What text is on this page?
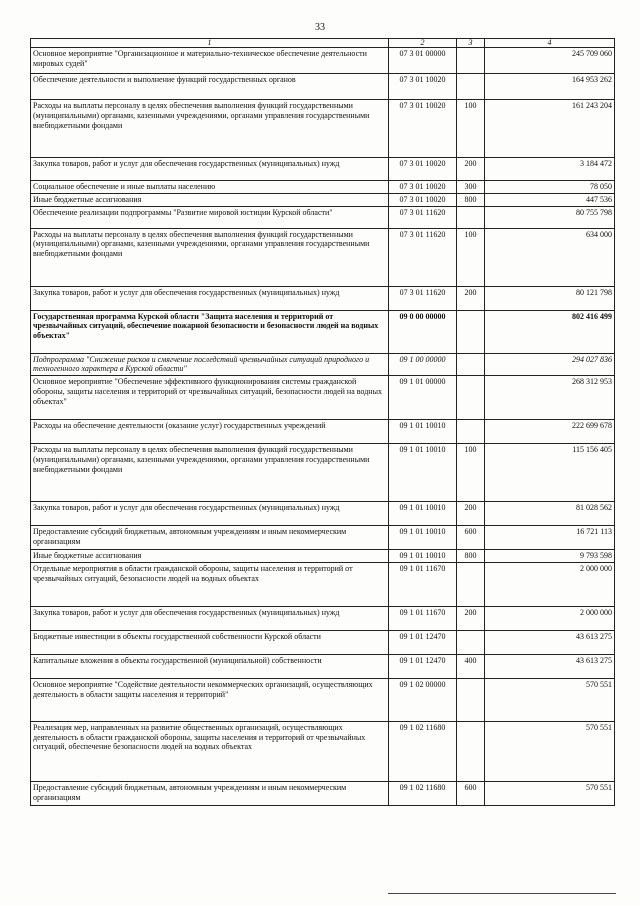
33
1	2	3	4
Основное мероприятие "Организационное и материально-техническое обеспечение деятельности мировых судей"	07 3 01 00000		245 709 060
Обеспечение деятельности и выполнение функций государственных органов	07 3 01 10020		164 953 262
Расходы на выплаты персоналу в целях обеспечения выполнения функций государственными (муниципальными) органами, казенными учреждениями, органами управления государственными внебюджетными фондами	07 3 01 10020	100	161 243 204
Закупка товаров, работ и услуг для обеспечения государственных (муниципальных) нужд	07 3 01 10020	200	3 184 472
Социальное обеспечение и иные выплаты населению	07 3 01 10020	300	78 050
Иные бюджетные ассигнования	07 3 01 10020	800	447 536
Обеспечение реализации подпрограммы "Развитие мировой юстиции Курской области"	07 3 01 11620		80 755 798
Расходы на выплаты персоналу в целях обеспечения выполнения функций государственными (муниципальными) органами, казенными учреждениями, органами управления государственными внебюджетными фондами	07 3 01 11620	100	634 000
Закупка товаров, работ и услуг для обеспечения государственных (муниципальных) нужд	07 3 01 11620	200	80 121 798
Государственная программа Курской области "Защита населения и территорий от чрезвычайных ситуаций, обеспечение пожарной безопасности и безопасности людей на водных объектах"	09 0 00 00000		802 416 499
Подпрограмма "Снижение рисков и смягчение последствий чрезвычайных ситуаций природного и техногенного характера в Курской области"	09 1 00 00000		294 027 836
Основное мероприятие "Обеспечение эффективного функционирования системы гражданской обороны, защиты населения и территорий от чрезвычайных ситуаций, безопасности людей на водных объектах"	09 1 01 00000		268 312 953
Расходы на обеспечение деятельности (оказание услуг) государственных учреждений	09 1 01 10010		222 699 678
Расходы на выплаты персоналу в целях обеспечения выполнения функций государственными (муниципальными) органами, казенными учреждениями, органами управления государственными внебюджетными фондами	09 1 01 10010	100	115 156 405
Закупка товаров, работ и услуг для обеспечения государственных (муниципальных) нужд	09 1 01 10010	200	81 028 562
Предоставление субсидий бюджетным, автономным учреждениям и иным некоммерческим организациям	09 1 01 10010	600	16 721 113
Иные бюджетные ассигнования	09 1 01 10010	800	9 793 598
Отдельные мероприятия в области гражданской обороны, защиты населения и территорий от чрезвычайных ситуаций, безопасности людей на водных объектах	09 1 01 11670		2 000 000
Закупка товаров, работ и услуг для обеспечения государственных (муниципальных) нужд	09 1 01 11670	200	2 000 000
Бюджетные инвестиции в объекты государственной собственности Курской области	09 1 01 12470		43 613 275
Капитальные вложения в объекты государственной (муниципальной) собственности	09 1 01 12470	400	43 613 275
Основное мероприятие "Содействие деятельности некоммерческих организаций, осуществляющих деятельность в области защиты населения и территорий"	09 1 02 00000		570 551
Реализация мер, направленных на развитие общественных организаций, осуществляющих деятельность в области гражданской обороны, защиты населения и территорий от чрезвычайных ситуаций, обеспечение безопасности людей на водных объектах	09 1 02 11680		570 551
Предоставление субсидий бюджетным, автономным учреждениям и иным некоммерческим организациям	09 1 02 11680	600	570 551
